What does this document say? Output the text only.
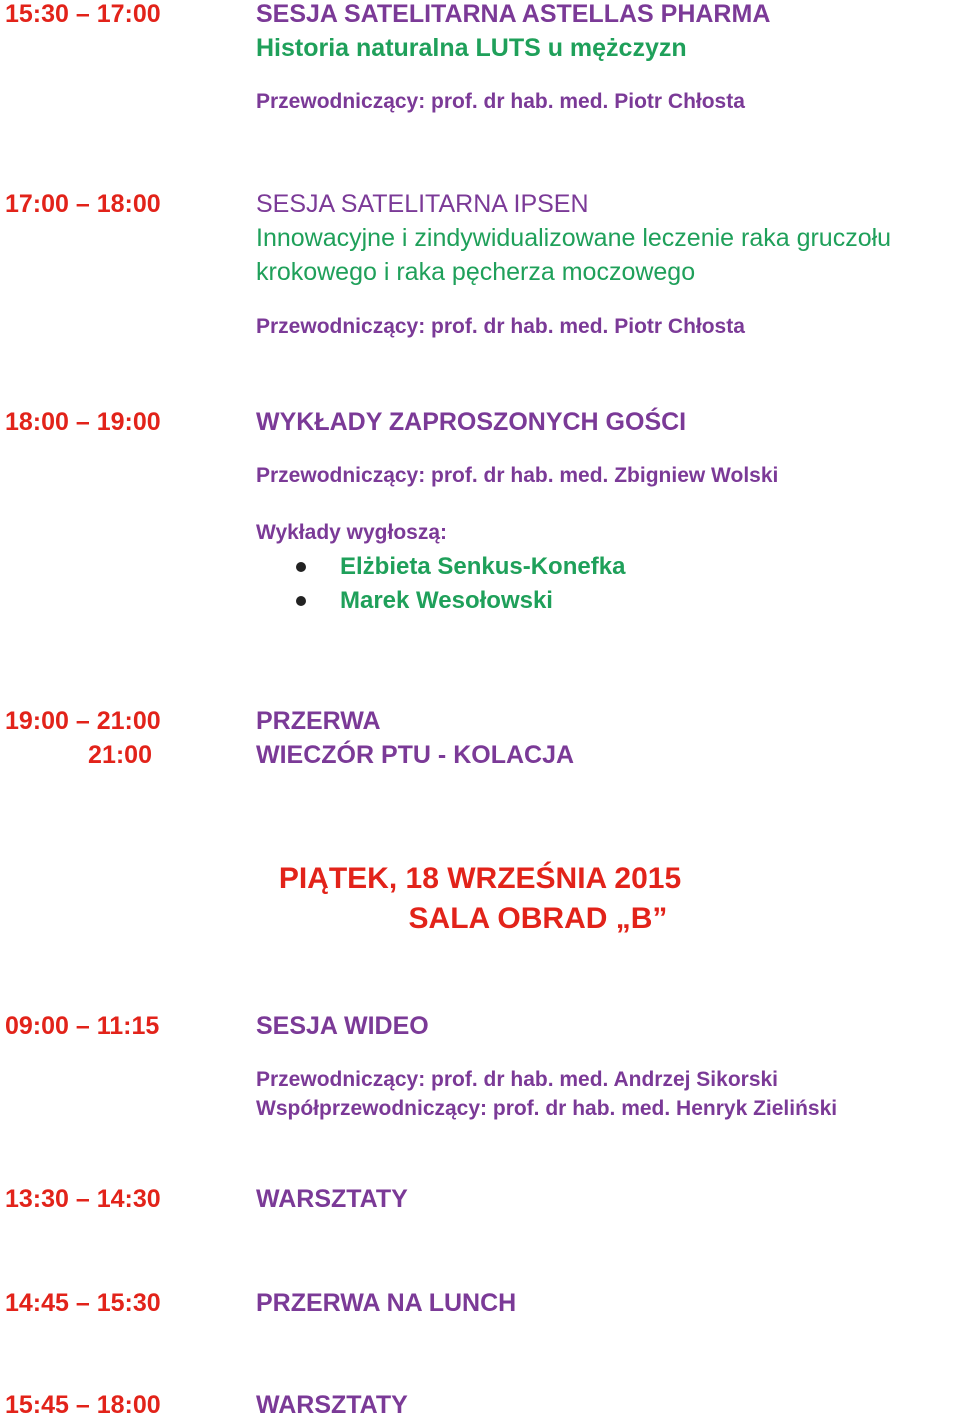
15:30 – 17:00	SESJA SATELITARNA ASTELLAS PHARMA
Historia naturalna LUTS u mężczyzn
Przewodniczący: prof. dr hab. med. Piotr Chłosta
17:00 – 18:00	SESJA SATELITARNA IPSEN
Innowacyjne i zindywidualizowane leczenie raka gruczołu
krokowego i raka pęcherza moczowego
Przewodniczący: prof. dr hab. med. Piotr Chłosta
18:00 – 19:00	WYKŁADY ZAPROSZONYCH GOŚCI
Przewodniczący: prof. dr hab. med. Zbigniew Wolski
Wykłady wygłoszą:
Elżbieta Senkus-Konefka
Marek Wesołowski
19:00 – 21:00	PRZERWA
21:00	WIECZÓR PTU - KOLACJA
PIĄTEK, 18 WRZEŚNIA 2015
SALA OBRAD „B”
09:00 – 11:15	SESJA WIDEO
Przewodniczący: prof. dr hab. med. Andrzej Sikorski
Współprzewodniczący: prof. dr hab. med. Henryk Zieliński
13:30 – 14:30	WARSZTATY
14:45 – 15:30	PRZERWA NA LUNCH
15:45 – 18:00	WARSZTATY
